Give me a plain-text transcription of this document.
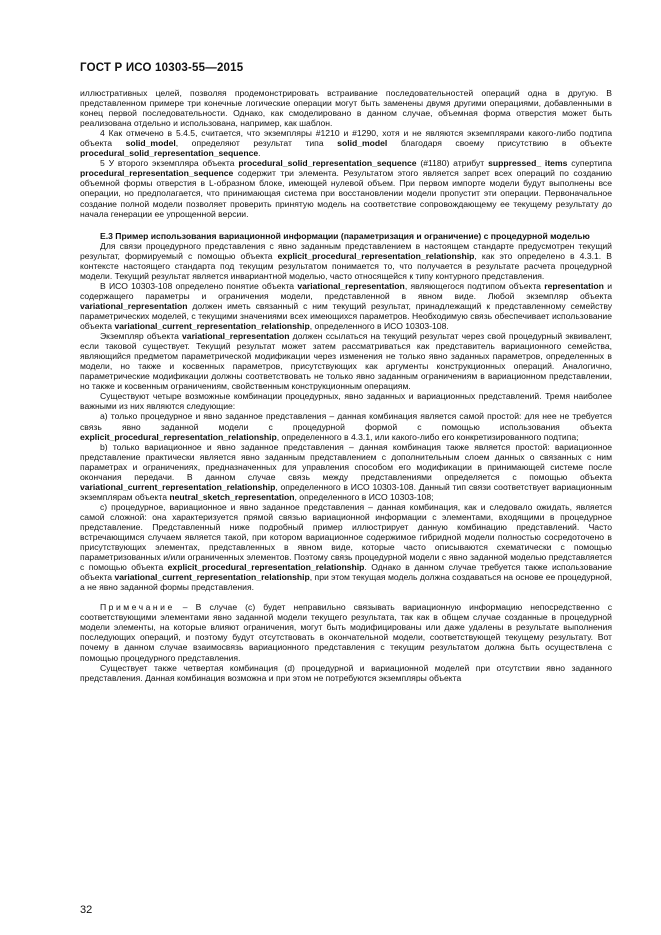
ГОСТ Р ИСО 10303-55—2015

иллюстративных целей, позволяя продемонстрировать встраивание последовательностей операций одна в другую. В представленном примере три конечные логические операции могут быть заменены двумя другими операциями, добавленными в конец первой последовательности. Однако, как смоделировано в данном случае, объемная форма отверстия может быть реализована отдельно и использована, например, как шаблон.

4 Как отмечено в 5.4.5, считается, что экземпляры #1210 и #1290, хотя и не являются экземплярами какого-либо подтипа объекта solid_model, определяют результат типа solid_model благодаря своему присутствию в объекте procedural_solid_representation_sequence.

5 У второго экземпляра объекта procedural_solid_representation_sequence (#1180) атрибут suppressed_ items супертипа procedural_representation_sequence содержит три элемента. Результатом этого является запрет всех операций по созданию объемной формы отверстия в L-образном блоке, имеющей нулевой объем. При первом импорте модели будут выполнены все операции, но предполагается, что принимающая система при восстановлении модели пропустит эти операции. Первоначальное создание полной модели позволяет проверить принятую модель на соответствие сопровождающему ее текущему результату до начала генерации ее упрощенной версии.

Е.3 Пример использования вариационной информации (параметризация и ограничение) с процедурной моделью

Для связи процедурного представления с явно заданным представлением в настоящем стандарте предусмотрен текущий результат, формируемый с помощью объекта explicit_procedural_representation_relationship, как это определено в 4.3.1. В контексте настоящего стандарта под текущим результатом понимается то, что получается в результате расчета процедурной модели. Текущий результат является инвариантной моделью, часто относящейся к типу контурного представления.

В ИСО 10303-108 определено понятие объекта variational_representation, являющегося подтипом объекта representation и содержащего параметры и ограничения модели, представленной в явном виде. Любой экземпляр объекта variational_representation должен иметь связанный с ним текущий результат, принадлежащий к представленному семейству параметрических моделей, с текущими значениями всех имеющихся параметров. Необходимую связь обеспечивает использование объекта variational_current_representation_relationship, определенного в ИСО 10303-108.

Экземпляр объекта variational_representation должен ссылаться на текущий результат через свой процедурный эквивалент, если таковой существует. Текущий результат может затем рассматриваться как представитель вариационного семейства, являющийся предметом параметрической модификации через изменения не только явно заданных параметров, определенных в модели, но также и косвенных параметров, присутствующих как аргументы конструкционных операций. Аналогично, параметрические модификации должны соответствовать не только явно заданным ограничениям в вариационном представлении, но также и косвенным ограничениям, свойственным конструкционным операциям.

Существуют четыре возможные комбинации процедурных, явно заданных и вариационных представлений. Тремя наиболее важными из них являются следующие:

а) только процедурное и явно заданное представления – данная комбинация является самой простой: для нее не требуется связь явно заданной модели с процедурной формой с помощью использования объекта explicit_procedural_representation_relationship, определенного в 4.3.1, или какого-либо его конкретизированного подтипа;

b) только вариационное и явно заданное представления – данная комбинация также является простой: вариационное представление практически является явно заданным представлением с дополнительным слоем данных о связанных с ним параметрах и ограничениях, предназначенных для управления способом его модификации в принимающей системе после окончания передачи. В данном случае связь между представлениями определяется с помощью объекта variational_current_representation_relationship, определенного в ИСО 10303-108. Данный тип связи соответствует вариационным экземплярам объекта neutral_sketch_representation, определенного в ИСО 10303-108;

с) процедурное, вариационное и явно заданное представления – данная комбинация, как и следовало ожидать, является самой сложной: она характеризуется прямой связью вариационной информации с элементами, входящими в процедурное представление. Представленный ниже подробный пример иллюстрирует данную комбинацию представлений. Часто встречающимся случаем является такой, при котором вариационное содержимое гибридной модели полностью сосредоточено в присутствующих элементах, представленных в явном виде, которые часто описываются схематически с помощью параметризованных и/или ограниченных элементов. Поэтому связь процедурной модели с явно заданной моделью представляется с помощью объекта explicit_procedural_representation_relationship. Однако в данном случае требуется также использование объекта variational_current_representation_relationship, при этом текущая модель должна создаваться на основе ее процедурной, а не явно заданной формы представления.

Примечание – В случае (с) будет неправильно связывать вариационную информацию непосредственно с соответствующими элементами явно заданной модели текущего результата, так как в общем случае созданные в процедурной модели элементы, на которые влияют ограничения, могут быть модифицированы или даже удалены в результате выполнения последующих операций, и поэтому будут отсутствовать в окончательной модели, соответствующей текущему результату. Вот почему в данном случае взаимосвязь вариационного представления с текущим результатом должна быть осуществлена с помощью процедурного представления.

Существует также четвертая комбинация (d) процедурной и вариационной моделей при отсутствии явно заданного представления. Данная комбинация возможна и при этом не потребуются экземпляры объекта

32
